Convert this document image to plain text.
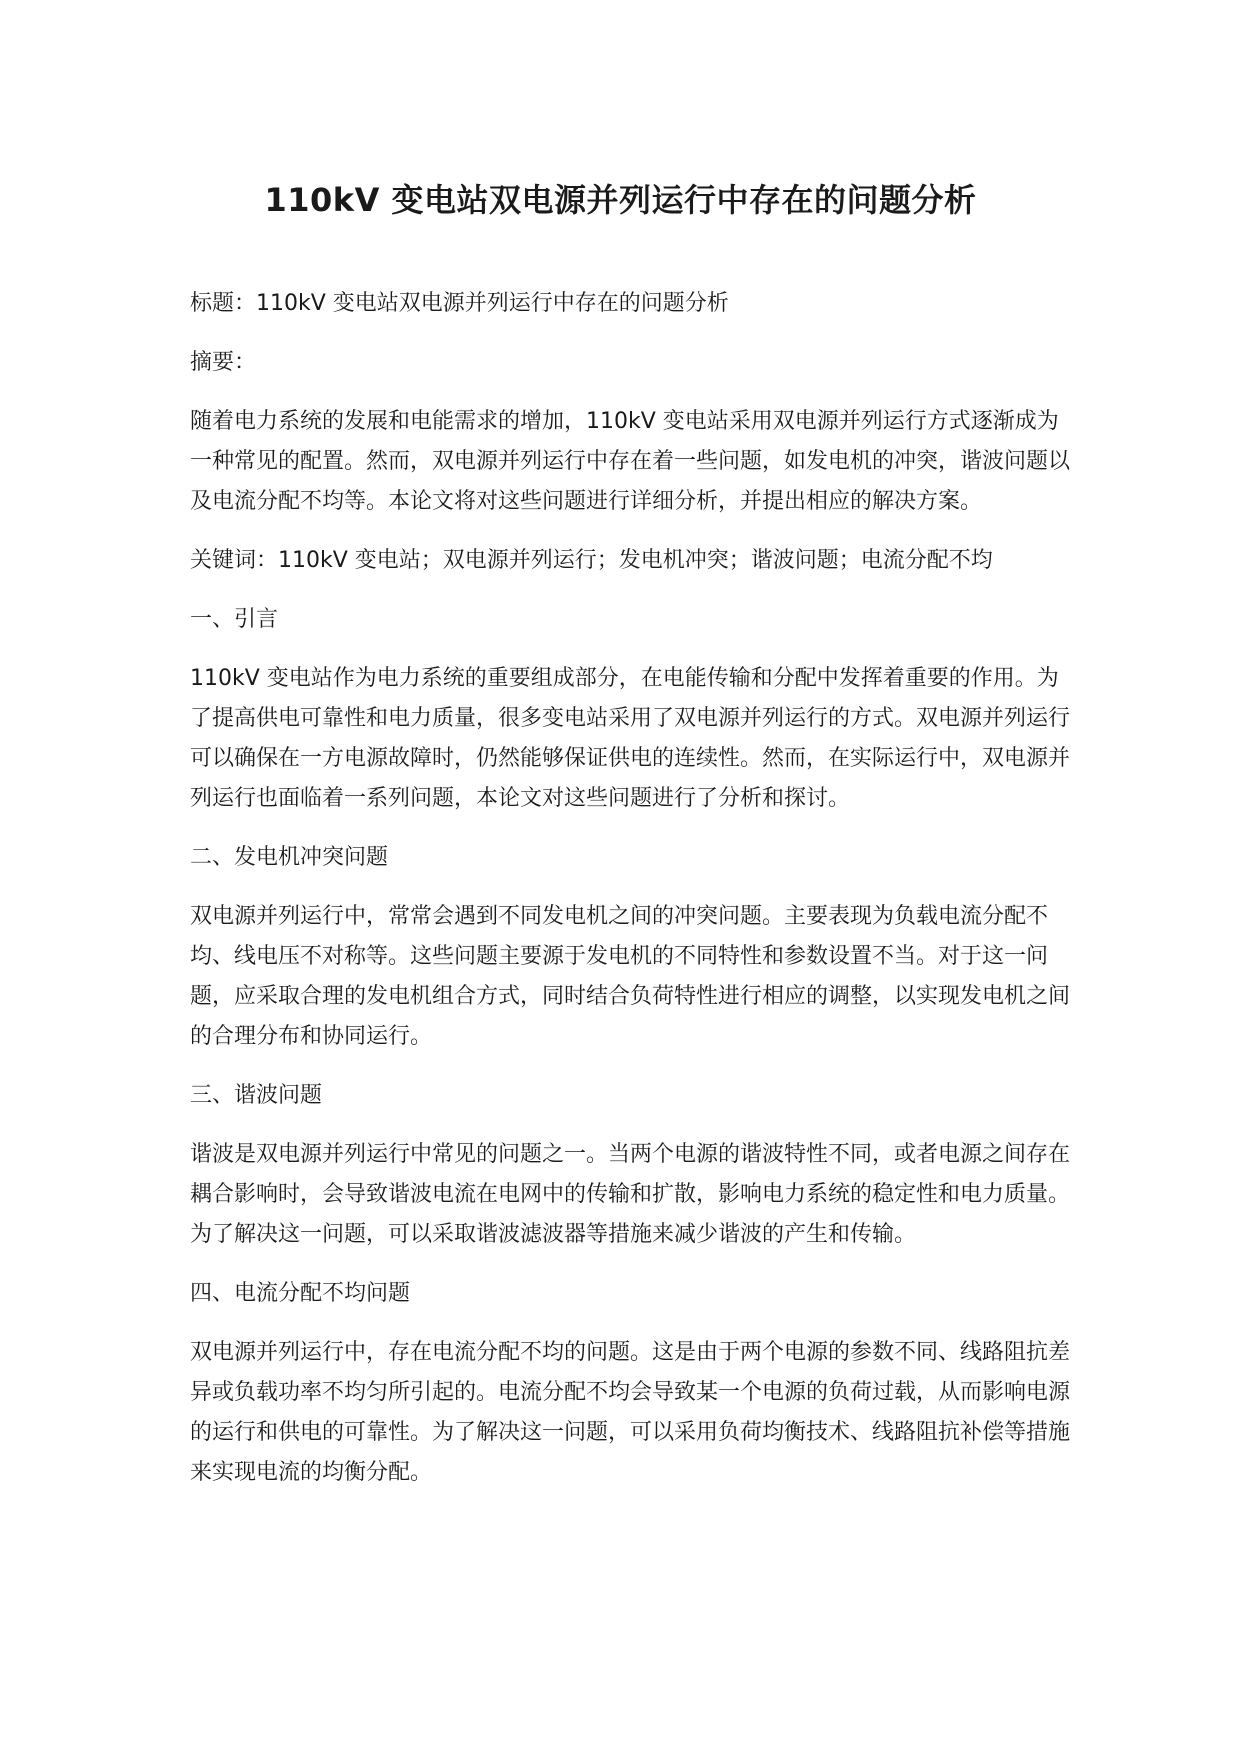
110kV 变电站双电源并列运行中存在的问题分析

标题：110kV 变电站双电源并列运行中存在的问题分析

摘要：

随着电力系统的发展和电能需求的增加，110kV 变电站采用双电源并列运行方式逐渐成为一种常见的配置。然而，双电源并列运行中存在着一些问题，如发电机的冲突，谐波问题以及电流分配不均等。本论文将对这些问题进行详细分析，并提出相应的解决方案。

关键词：110kV 变电站；双电源并列运行；发电机冲突；谐波问题；电流分配不均

一、引言

110kV 变电站作为电力系统的重要组成部分，在电能传输和分配中发挥着重要的作用。为了提高供电可靠性和电力质量，很多变电站采用了双电源并列运行的方式。双电源并列运行可以确保在一方电源故障时，仍然能够保证供电的连续性。然而，在实际运行中，双电源并列运行也面临着一系列问题，本论文对这些问题进行了分析和探讨。

二、发电机冲突问题

双电源并列运行中，常常会遇到不同发电机之间的冲突问题。主要表现为负载电流分配不均、线电压不对称等。这些问题主要源于发电机的不同特性和参数设置不当。对于这一问题，应采取合理的发电机组合方式，同时结合负荷特性进行相应的调整，以实现发电机之间的合理分布和协同运行。

三、谐波问题

谐波是双电源并列运行中常见的问题之一。当两个电源的谐波特性不同，或者电源之间存在耦合影响时，会导致谐波电流在电网中的传输和扩散，影响电力系统的稳定性和电力质量。为了解决这一问题，可以采取谐波滤波器等措施来减少谐波的产生和传输。

四、电流分配不均问题

双电源并列运行中，存在电流分配不均的问题。这是由于两个电源的参数不同、线路阻抗差异或负载功率不均匀所引起的。电流分配不均会导致某一个电源的负荷过载，从而影响电源的运行和供电的可靠性。为了解决这一问题，可以采用负荷均衡技术、线路阻抗补偿等措施来实现电流的均衡分配。
